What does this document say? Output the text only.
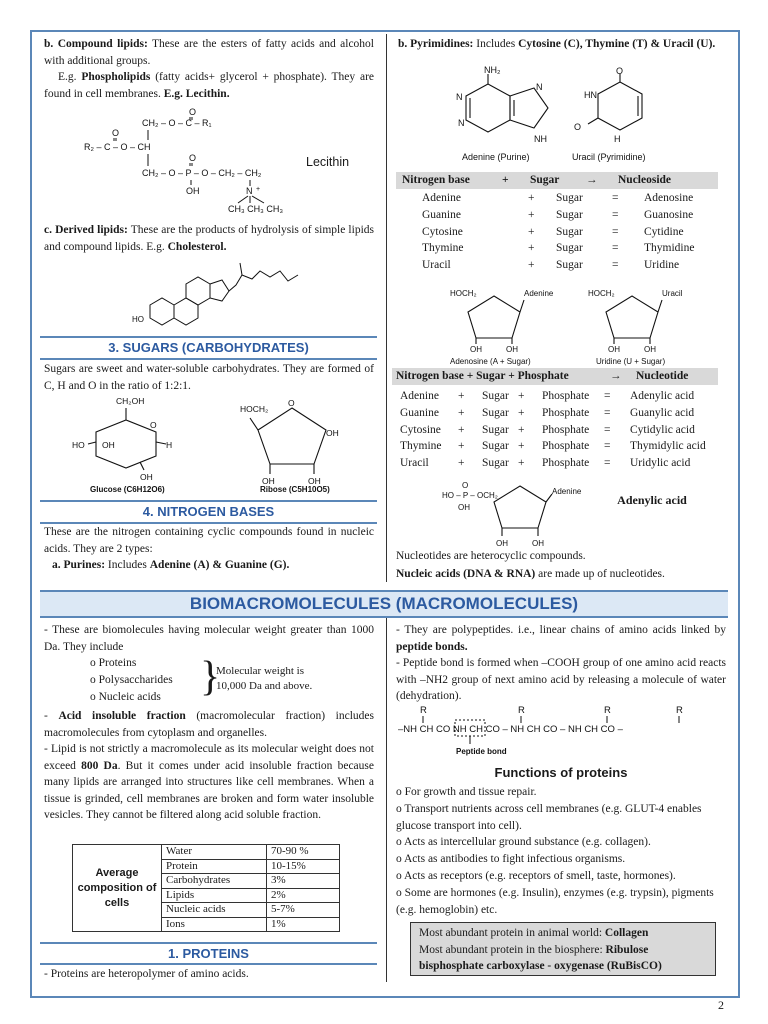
b. Compound lipids: These are the esters of fatty acids and alcohol with additional groups.
E.g. Phospholipids (fatty acids+ glycerol + phosphate). They are found in cell membranes. E.g. Lecithin.
CH₂ – O – C – R₁
O
O
R₂ – C – O – CH
CH₂ – O – P – O – CH₂ – CH₂
O
OH	N
CH₃ CH₃ CH₃
+
Lecithin
c. Derived lipids: These are the products of hydrolysis of simple lipids and compound lipids. E.g. Cholesterol.
HO
3. SUGARS (CARBOHYDRATES)
Sugars are sweet and water-soluble carbohydrates. They are formed of C, H and O in the ratio of 1:2:1.
CH₂OH
O
HO OH	H
OH
Glucose (C6H12O6)
HOCH₂
O
OH
OH	OH
Ribose (C5H10O5)
4. NITROGEN BASES
These are the nitrogen containing cyclic compounds found in nucleic acids. They are 2 types:
a. Purines: Includes Adenine (A) & Guanine (G).
b. Pyrimidines: Includes Cytosine (C), Thymine (T) & Uracil (U).
NH₂
N
N
N
NH
Adenine (Purine)
O
HN
O
H
Uracil (Pyrimidine)
Nitrogen base	+ Sugar → Nucleoside
Adenine	+	Sugar	=	Adenosine
Guanine	+	Sugar	=	Guanosine
Cytosine	+	Sugar	=	Cytidine
Thymine	+	Sugar	=	Thymidine
Uracil	+	Sugar	=	Uridine
HOCH₂	Adenine
OH	OH
Adenosine (A + Sugar)
HOCH₂	Uracil
OH	OH
Uridine (U + Sugar)
Nitrogen base + Sugar + Phosphate	→ Nucleotide
Adenine	+	Sugar +	Phosphate	=	Adenylic acid
Guanine	+	Sugar +	Phosphate	=	Guanylic acid
Cytosine	+	Sugar +	Phosphate	=	Cytidylic acid
Thymine	+	Sugar +	Phosphate	=	Thymidylic acid
Uracil	+	Sugar +	Phosphate	=	Uridylic acid
O
HO – P – OCH₂
OH
Adenine
OH	OH
Adenylic acid
Nucleotides are heterocyclic compounds.
Nucleic acids (DNA & RNA) are made up of nucleotides.
BIOMACROMOLECULES (MACROMOLECULES)
- These are biomolecules having molecular weight greater than 1000 Da. They include
o Proteins
o Polysaccharides
o Nucleic acids }
Molecular weight is 10,000 Da and above.
- Acid insoluble fraction (macromolecular fraction) includes macromolecules from cytoplasm and organelles.
- Lipid is not strictly a macromolecule as its molecular weight does not exceed 800 Da. But it comes under acid insoluble fraction because many lipids are arranged into structures like cell membranes. When a tissue is grinded, cell membranes are broken and form water insoluble vesicles. They cannot be filtered along acid soluble fraction.
Average composition of cells	Water	70-90 %
	Protein	10-15%
	Carbohydrates	3%
	Lipids	2%
	Nucleic acids	5-7%
	Ions	1%
1. PROTEINS
- Proteins are heteropolymer of amino acids.
- They are polypeptides. i.e., linear chains of amino acids linked by peptide bonds.
- Peptide bond is formed when –COOH group of one amino acid reacts with –NH2 group of next amino acid by releasing a molecule of water (dehydration).
R	R	R	R
–NH CH CO NH CH CO – NH CH CO – NH CH CO –
Peptide bond
Functions of proteins
o For growth and tissue repair.
o Transport nutrients across cell membranes (e.g. GLUT-4 enables glucose transport into cell).
o Acts as intercellular ground substance (e.g. collagen).
o Acts as antibodies to fight infectious organisms.
o Acts as receptors (e.g. receptors of smell, taste, hormones).
o Some are hormones (e.g. Insulin), enzymes (e.g. trypsin), pigments (e.g. hemoglobin) etc.
Most abundant protein in animal world: Collagen
Most abundant protein in the biosphere: Ribulose bisphosphate carboxylase - oxygenase (RuBisCO)
2
